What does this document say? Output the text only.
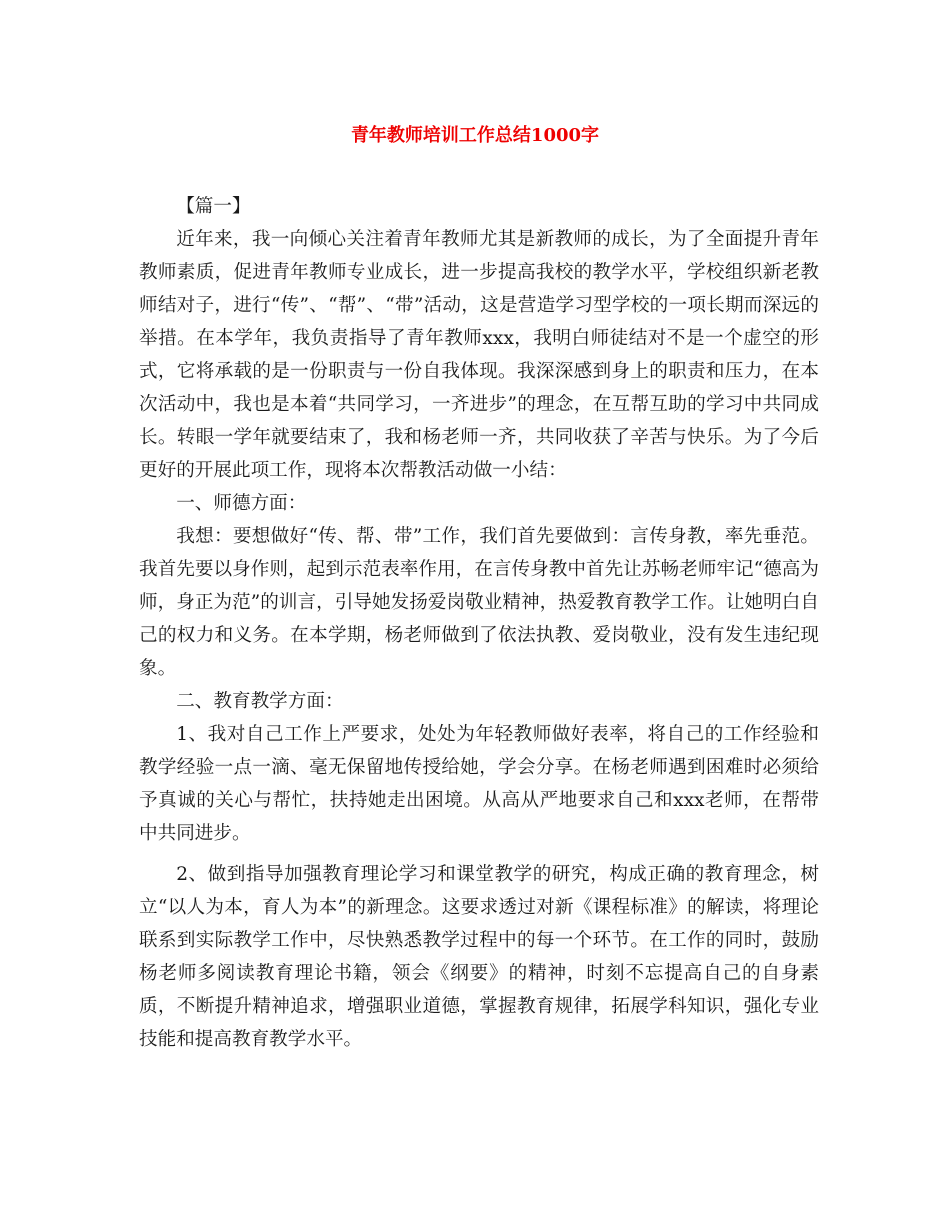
青年教师培训工作总结1000字

【篇一】

近年来，我一向倾心关注着青年教师尤其是新教师的成长，为了全面提升青年教师素质，促进青年教师专业成长，进一步提高我校的教学水平，学校组织新老教师结对子，进行“传”、“帮”、“带”活动，这是营造学习型学校的一项长期而深远的举措。在本学年，我负责指导了青年教师xxx，我明白师徒结对不是一个虚空的形式，它将承载的是一份职责与一份自我体现。我深深感到身上的职责和压力，在本次活动中，我也是本着“共同学习，一齐进步”的理念，在互帮互助的学习中共同成长。转眼一学年就要结束了，我和杨老师一齐，共同收获了辛苦与快乐。为了今后更好的开展此项工作，现将本次帮教活动做一小结：

一、师德方面：

我想：要想做好“传、帮、带”工作，我们首先要做到：言传身教，率先垂范。我首先要以身作则，起到示范表率作用，在言传身教中首先让苏畅老师牢记“德高为师，身正为范”的训言，引导她发扬爱岗敬业精神，热爱教育教学工作。让她明白自己的权力和义务。在本学期，杨老师做到了依法执教、爱岗敬业，没有发生违纪现象。

二、教育教学方面：

1、我对自己工作上严要求，处处为年轻教师做好表率，将自己的工作经验和教学经验一点一滴、毫无保留地传授给她，学会分享。在杨老师遇到困难时必须给予真诚的关心与帮忙，扶持她走出困境。从高从严地要求自己和xxx老师，在帮带中共同进步。

2、做到指导加强教育理论学习和课堂教学的研究，构成正确的教育理念，树立“以人为本，育人为本”的新理念。这要求透过对新《课程标准》的解读，将理论联系到实际教学工作中，尽快熟悉教学过程中的每一个环节。在工作的同时，鼓励杨老师多阅读教育理论书籍，领会《纲要》的精神，时刻不忘提高自己的自身素质，不断提升精神追求，增强职业道德，掌握教育规律，拓展学科知识，强化专业技能和提高教育教学水平。
